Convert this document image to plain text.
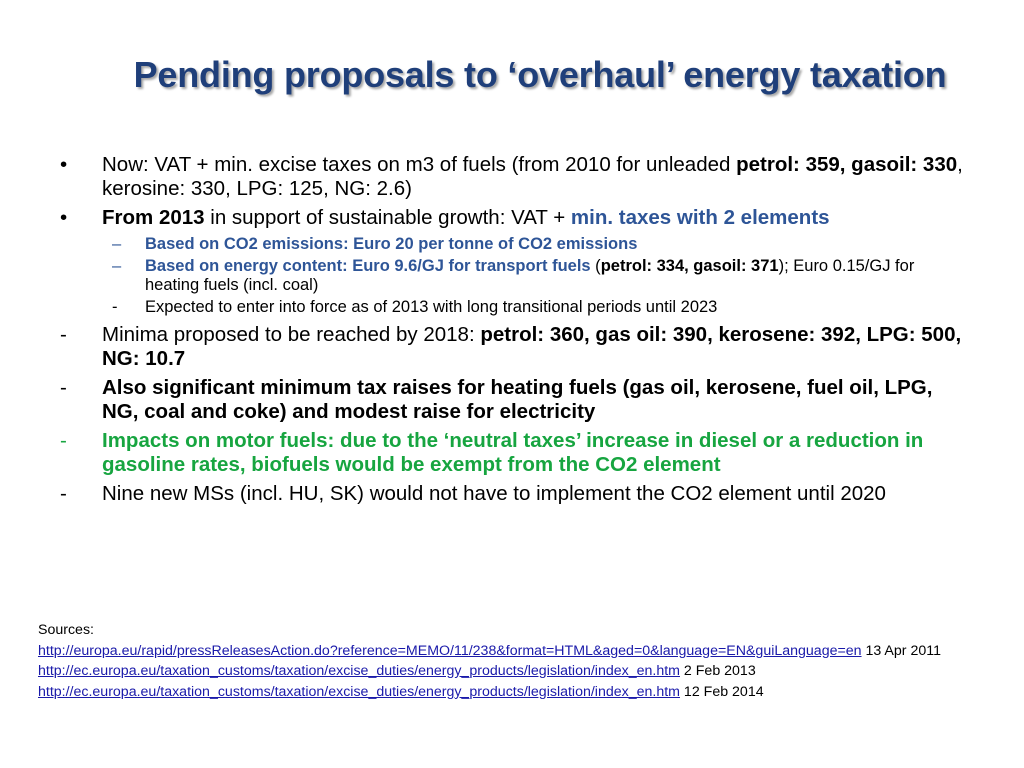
Pending proposals to ‘overhaul’ energy taxation
•	Now: VAT + min. excise taxes on m3 of fuels (from 2010 for unleaded petrol: 359, gasoil: 330, kerosine: 330, LPG: 125, NG: 2.6)
•	From 2013 in support of sustainable growth: VAT + min. taxes with 2 elements
–	Based on CO2 emissions: Euro 20 per tonne of CO2 emissions
–	Based on energy content: Euro 9.6/GJ for transport fuels (petrol: 334, gasoil: 371); Euro 0.15/GJ for heating fuels (incl. coal)
-	Expected to enter into force as of 2013 with long transitional periods until 2023
-	Minima proposed to be reached by 2018: petrol: 360, gas oil: 390, kerosene: 392, LPG: 500, NG: 10.7
-	Also significant minimum tax raises for heating fuels (gas oil, kerosene, fuel oil, LPG, NG, coal and coke) and modest raise for electricity
-	Impacts on motor fuels: due to the ‘neutral taxes’ increase in diesel or a reduction in gasoline rates, biofuels would be exempt from the CO2 element
-	Nine new MSs (incl. HU, SK) would not have to implement the CO2 element until 2020
Sources:
http://europa.eu/rapid/pressReleasesAction.do?reference=MEMO/11/238&format=HTML&aged=0&language=EN&guiLanguage=en 13 Apr 2011
http://ec.europa.eu/taxation_customs/taxation/excise_duties/energy_products/legislation/index_en.htm 2 Feb 2013
http://ec.europa.eu/taxation_customs/taxation/excise_duties/energy_products/legislation/index_en.htm 12 Feb 2014
